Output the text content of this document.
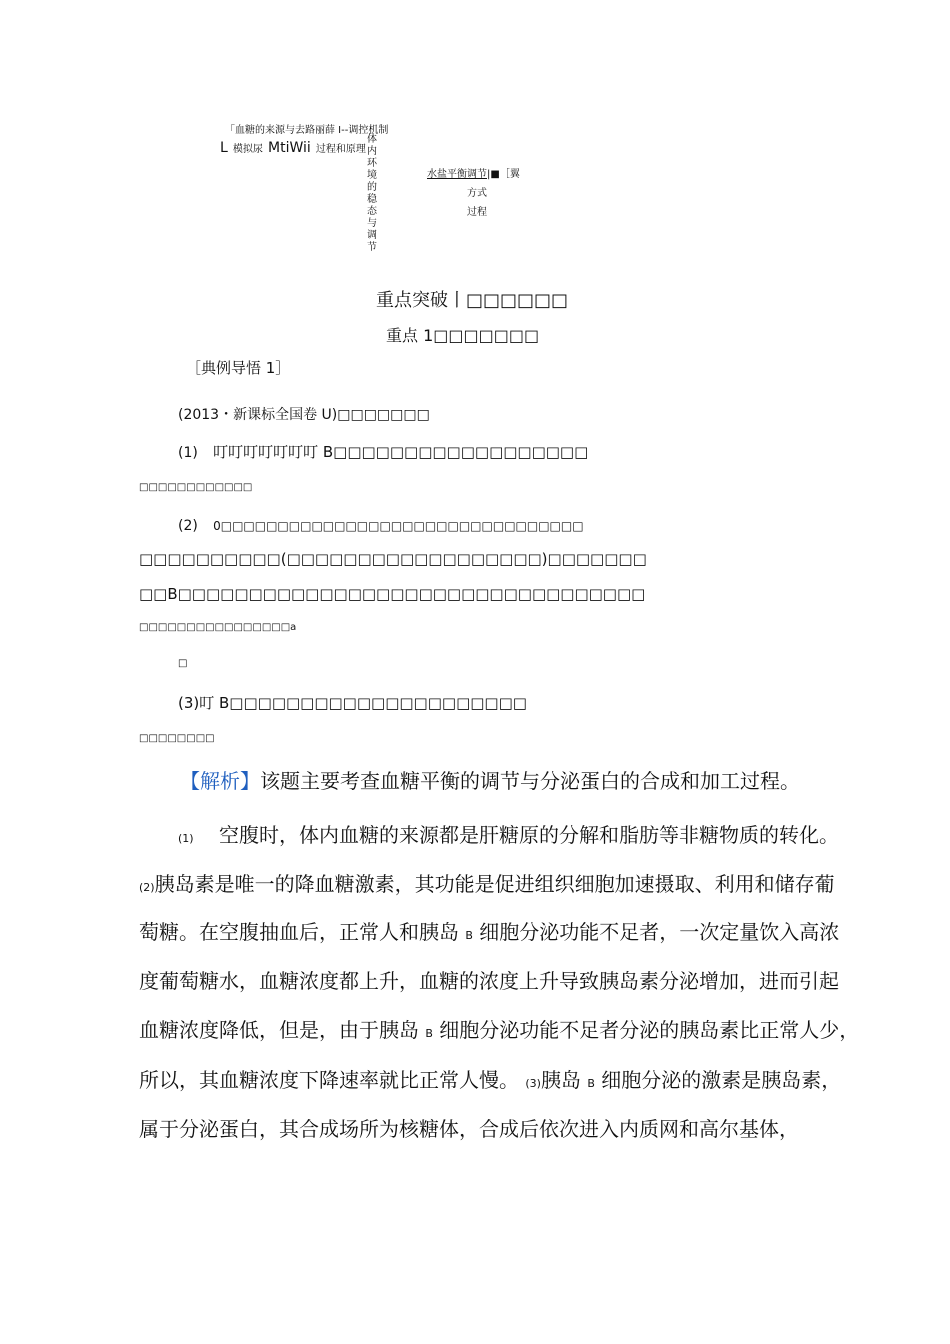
「血糖的来源与去路丽薛 I--调控机制
L 模拟尿 MtiWii 过程和原理
体内环境的稳态与调节
水盐平衡调节|■［翼
方式
过程
重点突破丨□□□□□□
重点 1□□□□□□□
［典例导悟 1］
(2013・新课标全国卷 U)□□□□□□□
(1) 叮叮叮叮叮叮叮 B□□□□□□□□□□□□□□□□□□
□□□□□□□□□□□□
(2) 0□□□□□□□□□□□□□□□□□□□□□□□□□□□□□□□□
□□□□□□□□□□(□□□□□□□□□□□□□□□□□□)□□□□□□□
□□B□□□□□□□□□□□□□□□□□□□□□□□□□□□□□□□□□
□□□□□□□□□□□□□□□□a
□
(3)叮 B□□□□□□□□□□□□□□□□□□□□□
□□□□□□□□
【解析】该题主要考查血糖平衡的调节与分泌蛋白的合成和加工过程。
(1) 空腹时，体内血糖的来源都是肝糖原的分解和脂肪等非糖物质的转化。
(2)胰岛素是唯一的降血糖激素，其功能是促进组织细胞加速摄取、利用和储存葡
萄糖。在空腹抽血后，正常人和胰岛 B 细胞分泌功能不足者，一次定量饮入高浓
度葡萄糖水，血糖浓度都上升，血糖的浓度上升导致胰岛素分泌增加，进而引起
血糖浓度降低，但是，由于胰岛 B 细胞分泌功能不足者分泌的胰岛素比正常人少，
所以，其血糖浓度下降速率就比正常人慢。 (3)胰岛 B 细胞分泌的激素是胰岛素，
属于分泌蛋白，其合成场所为核糖体，合成后依次进入内质网和高尔基体，
